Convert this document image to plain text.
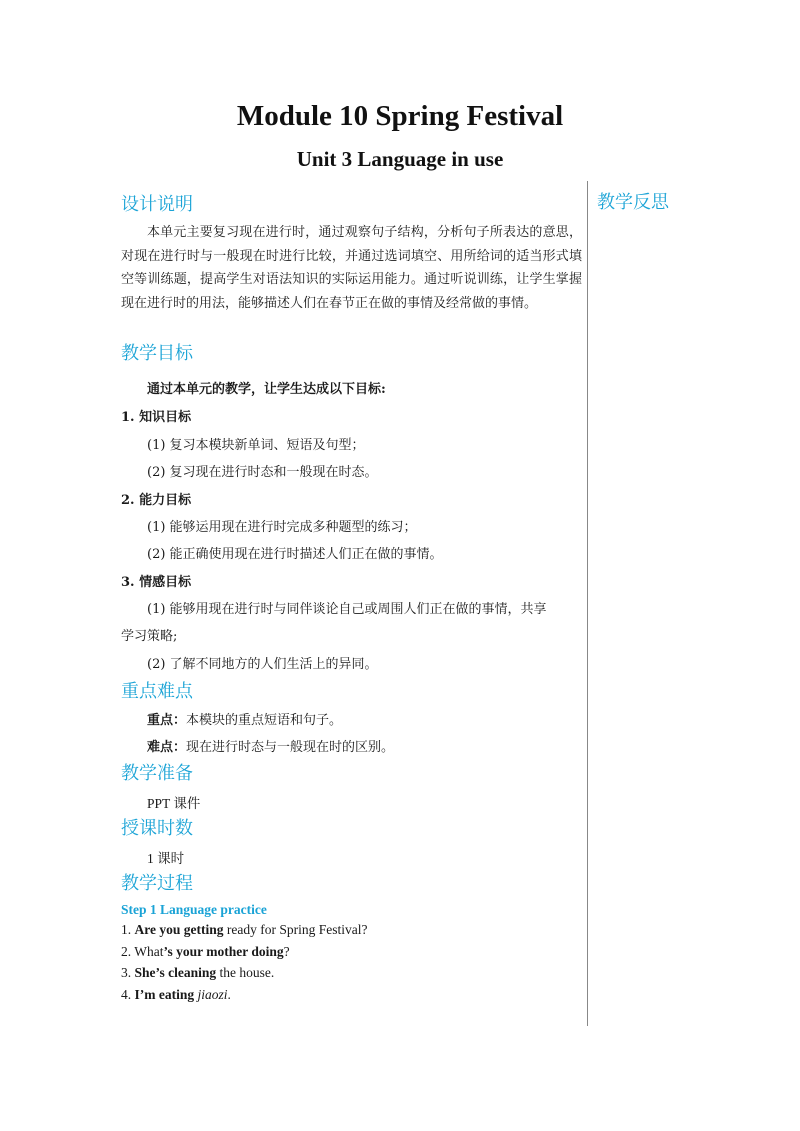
Module 10 Spring Festival
Unit 3 Language in use
教学反思
设计说明
本单元主要复习现在进行时，通过观察句子结构，分析句子所表达的意思，对现在进行时与一般现在时进行比较，并通过选词填空、用所给词的适当形式填空等训练题，提高学生对语法知识的实际运用能力。通过听说训练，让学生掌握现在进行时的用法，能够描述人们在春节正在做的事情及经常做的事情。
教学目标
通过本单元的教学，让学生达成以下目标:
1. 知识目标
(1) 复习本模块新单词、短语及句型；
(2) 复习现在进行时态和一般现在时态。
2. 能力目标
(1) 能够运用现在进行时完成多种题型的练习；
(2) 能正确使用现在进行时描述人们正在做的事情。
3. 情感目标
(1) 能够用现在进行时与同伴谈论自己或周围人们正在做的事情，共享
学习策略;
(2) 了解不同地方的人们生活上的异同。
重点难点
重点：本模块的重点短语和句子。
难点：现在进行时态与一般现在时的区别。
教学准备
PPT 课件
授课时数
1 课时
教学过程
Step 1 Language practice
1. Are you getting ready for Spring Festival?
2. What’s your mother doing?
3. She’s cleaning the house.
4. I’m eating jiaozi.
